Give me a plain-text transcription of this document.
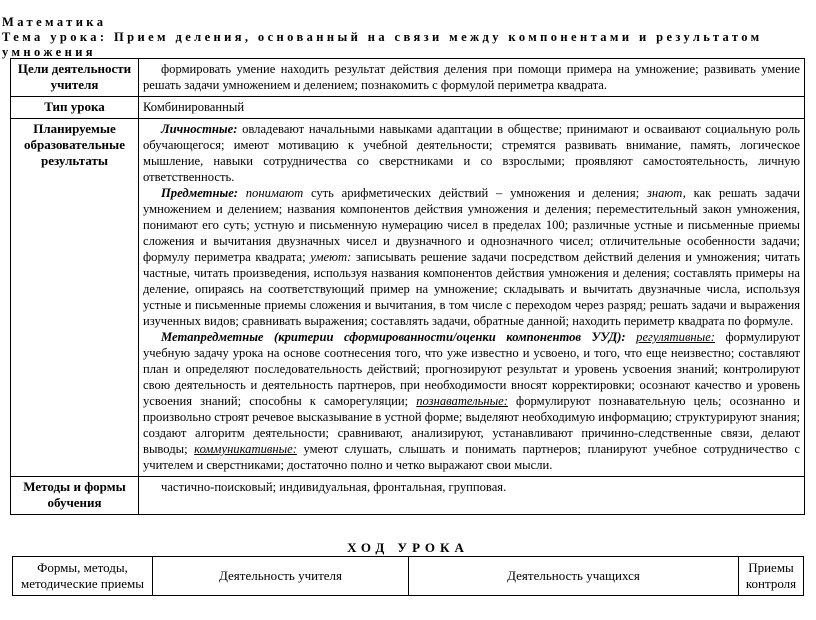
Математика
Тема урока: Прием деления, основанный на связи между компонентами и результатом
умножения
Цели деятельности учителя	формировать умение находить результат действия деления при помощи примера на умножение; развивать умение решать задачи умножением и делением; познакомить с формулой периметра квадрата.
Тип урока	Комбинированный
Планируемые образовательные результаты	Личностные: овладевают начальными навыками адаптации в обществе; принимают и осваивают социальную роль обучающегося; имеют мотивацию к учебной деятельности; стремятся развивать внимание, память, логическое мышление, навыки сотрудничества со сверстниками и со взрослыми; проявляют самостоятельность, личную ответственность.

Предметные: понимают суть арифметических действий – умножения и деления; знают, как решать задачи умножением и делением; названия компонентов действия умножения и деления; переместительный закон умножения, понимают его суть; устную и письменную нумерацию чисел в пределах 100; различные устные и письменные приемы сложения и вычитания двузначных чисел и двузначного и однозначного чисел; отличительные особенности задачи; формулу периметра квадрата; умеют: записывать решение задачи посредством действий деления и умножения; читать частные, читать произведения, используя названия компонентов действия умножения и деления; составлять примеры на деление, опираясь на соответствующий пример на умножение; складывать и вычитать двузначные числа, используя устные и письменные приемы сложения и вычитания, в том числе с переходом через разряд; решать задачи и выражения изученных видов; сравнивать выражения; составлять задачи, обратные данной; находить периметр квадрата по формуле.

Метапредметные (критерии сформированности/оценки компонентов УУД): регулятивные: формулируют учебную задачу урока на основе соотнесения того, что уже известно и усвоено, и того, что еще неизвестно; составляют план и определяют последовательность действий; прогнозируют результат и уровень усвоения знаний; контролируют свою деятельность и деятельность партнеров, при необходимости вносят корректировки; осознают качество и уровень усвоения знаний; способны к саморегуляции; познавательные: формулируют познавательную цель; осознанно и произвольно строят речевое высказывание в устной форме; выделяют необходимую информацию; структурируют знания; создают алгоритм деятельности; сравнивают, анализируют, устанавливают причинно-следственные связи, делают выводы; коммуникативные: умеют слушать, слышать и понимать партнеров; планируют учебное сотрудничество с учителем и сверстниками; достаточно полно и четко выражают свои мысли.

Методы и формы обучения	частично-поисковый; индивидуальная, фронтальная, групповая.
ХОД УРОКА
Формы, методы, методические приемы	Деятельность учителя	Деятельность учащихся	Приемы контроля
